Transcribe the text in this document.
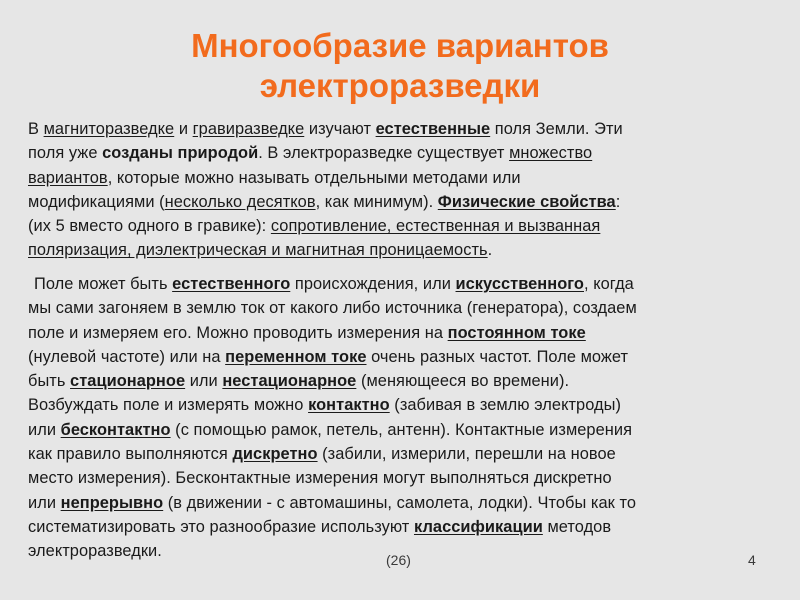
Многообразие вариантов
электроразведки
В магниторазведке и гравиразведке изучают естественные поля Земли. Эти
поля уже созданы природой. В электроразведке существует множество
вариантов, которые можно называть отдельными методами или
модификациями (несколько десятков, как минимум). Физические свойства:
(их 5 вместо одного в гравике): сопротивление, естественная и вызванная
поляризация, диэлектрическая и магнитная проницаемость.
Поле может быть естественного происхождения, или искусственного, когда
мы сами загоняем в землю ток от какого либо источника (генератора), создаем
поле и измеряем его. Можно проводить измерения на постоянном токе
(нулевой частоте) или на переменном токе очень разных частот. Поле может
быть стационарное или нестационарное (меняющееся во времени).
Возбуждать поле и измерять можно контактно (забивая в землю электроды)
или бесконтактно (с помощью рамок, петель, антенн). Контактные измерения
как правило выполняются дискретно (забили, измерили, перешли на новое
место измерения). Бесконтактные измерения могут выполняться дискретно
или непрерывно (в движении - с автомашины, самолета, лодки). Чтобы как то
систематизировать это разнообразие используют классификации методов
электроразведки.	(26)	4
